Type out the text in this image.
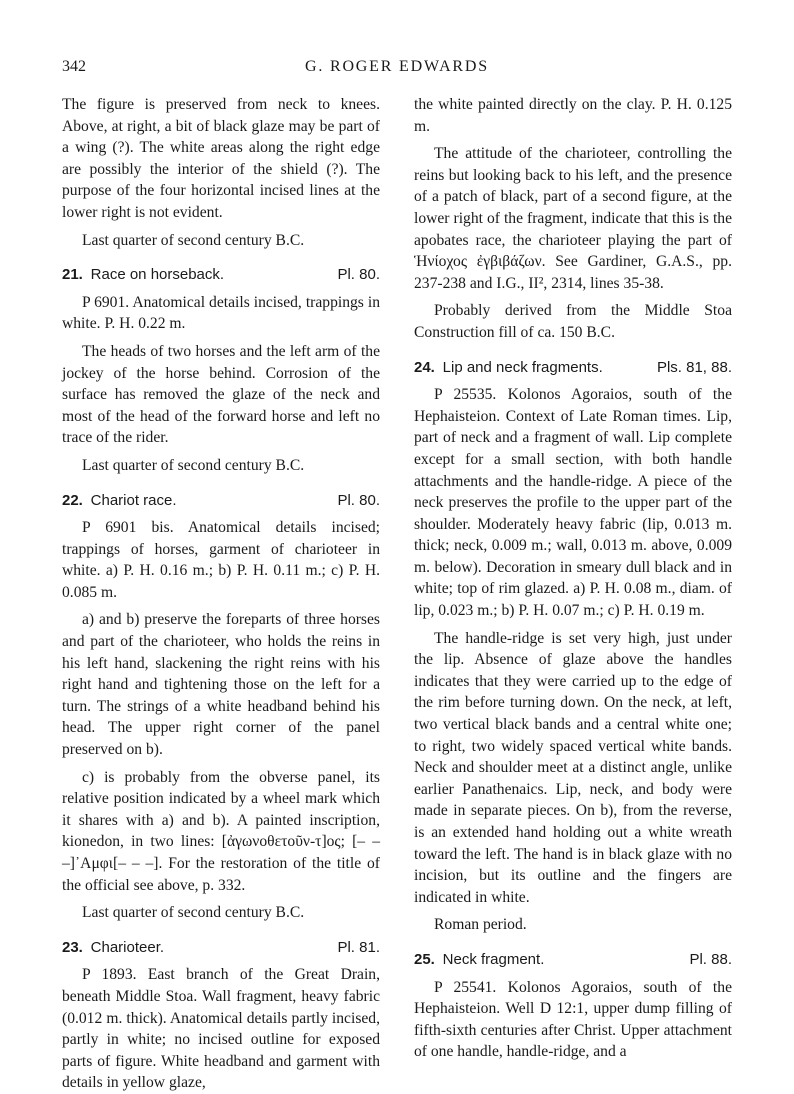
342	G. ROGER EDWARDS

The figure is preserved from neck to knees. Above, at right, a bit of black glaze may be part of a wing (?). The white areas along the right edge are possibly the interior of the shield (?). The purpose of the four horizontal incised lines at the lower right is not evident.

Last quarter of second century B.C.

21. Race on horseback.	Pl. 80.

P 6901. Anatomical details incised, trappings in white. P. H. 0.22 m.

The heads of two horses and the left arm of the jockey of the horse behind. Corrosion of the surface has removed the glaze of the neck and most of the head of the forward horse and left no trace of the rider.

Last quarter of second century B.C.

22. Chariot race.	Pl. 80.

P 6901 bis. Anatomical details incised; trappings of horses, garment of charioteer in white. a) P. H. 0.16 m.; b) P. H. 0.11 m.; c) P. H. 0.085 m.

a) and b) preserve the foreparts of three horses and part of the charioteer, who holds the reins in his left hand, slackening the right reins with his right hand and tightening those on the left for a turn. The strings of a white headband behind his head. The upper right corner of the panel preserved on b).

c) is probably from the obverse panel, its relative position indicated by a wheel mark which it shares with a) and b). A painted inscription, kionedon, in two lines: [ἀγωνοθετοῦν-τ]ος; [– – –]᾿Αμφι[– – –]. For the restoration of the title of the official see above, p. 332.

Last quarter of second century B.C.

23. Charioteer.	Pl. 81.

P 1893. East branch of the Great Drain, beneath Middle Stoa. Wall fragment, heavy fabric (0.012 m. thick). Anatomical details partly incised, partly in white; no incised outline for exposed parts of figure. White headband and garment with details in yellow glaze,

the white painted directly on the clay. P. H. 0.125 m.

The attitude of the charioteer, controlling the reins but looking back to his left, and the presence of a patch of black, part of a second figure, at the lower right of the fragment, indicate that this is the apobates race, the charioteer playing the part of Ἡνίοχος ἐγβιβάζων. See Gardiner, G.A.S., pp. 237-238 and I.G., II², 2314, lines 35-38.

Probably derived from the Middle Stoa Construction fill of ca. 150 B.C.

24. Lip and neck fragments.	Pls. 81, 88.

P 25535. Kolonos Agoraios, south of the Hephaisteion. Context of Late Roman times. Lip, part of neck and a fragment of wall. Lip complete except for a small section, with both handle attachments and the handle-ridge. A piece of the neck preserves the profile to the upper part of the shoulder. Moderately heavy fabric (lip, 0.013 m. thick; neck, 0.009 m.; wall, 0.013 m. above, 0.009 m. below). Decoration in smeary dull black and in white; top of rim glazed. a) P. H. 0.08 m., diam. of lip, 0.023 m.; b) P. H. 0.07 m.; c) P. H. 0.19 m.

The handle-ridge is set very high, just under the lip. Absence of glaze above the handles indicates that they were carried up to the edge of the rim before turning down. On the neck, at left, two vertical black bands and a central white one; to right, two widely spaced vertical white bands. Neck and shoulder meet at a distinct angle, unlike earlier Panathenaics. Lip, neck, and body were made in separate pieces. On b), from the reverse, is an extended hand holding out a white wreath toward the left. The hand is in black glaze with no incision, but its outline and the fingers are indicated in white.

Roman period.

25. Neck fragment.	Pl. 88.

P 25541. Kolonos Agoraios, south of the Hephaisteion. Well D 12:1, upper dump filling of fifth-sixth centuries after Christ. Upper attachment of one handle, handle-ridge, and a
